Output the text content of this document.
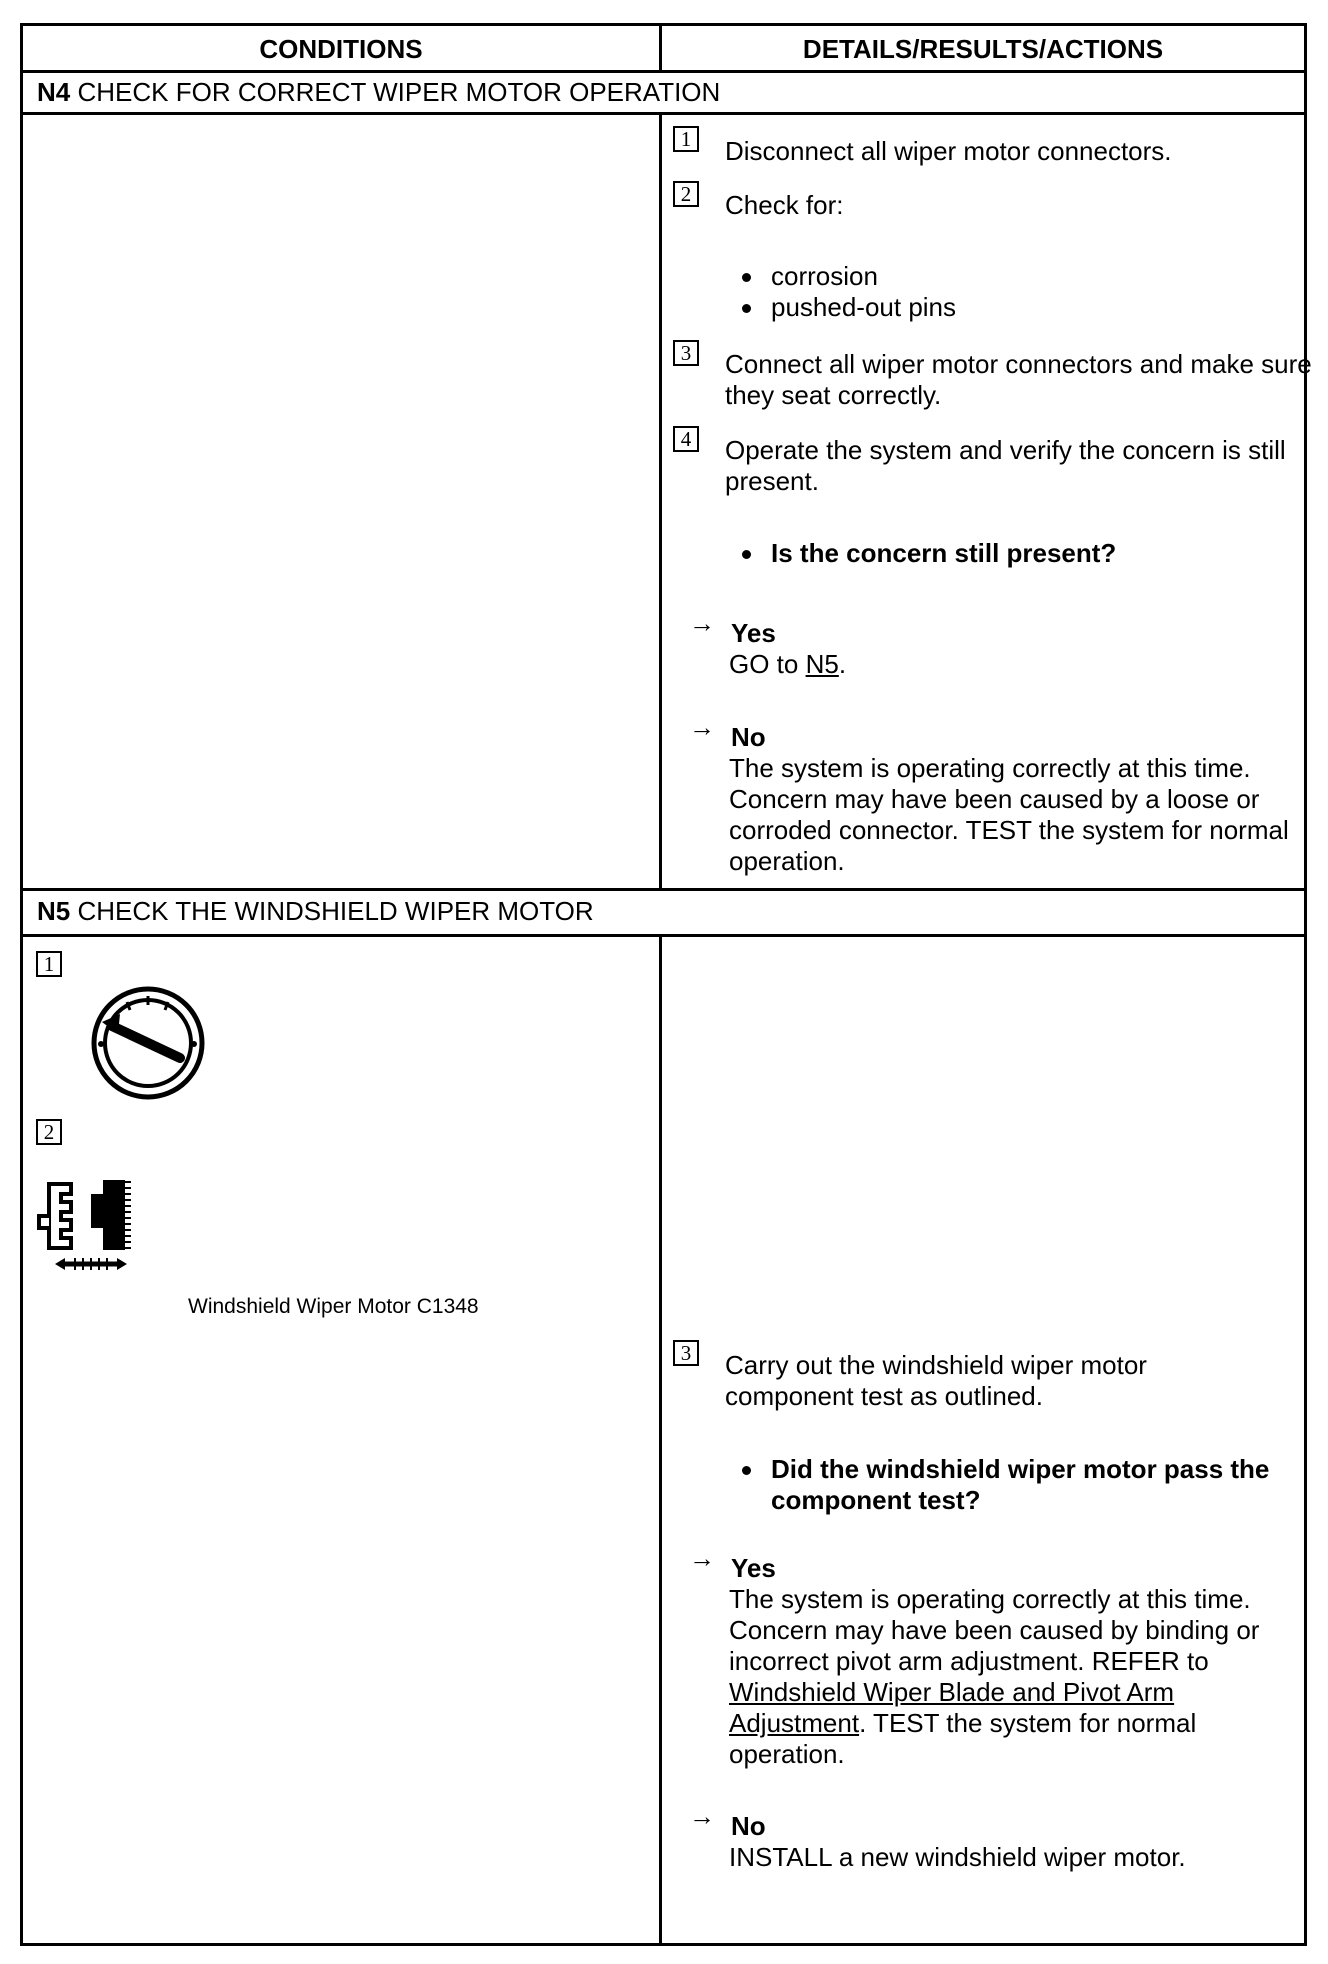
CONDITIONS	DETAILS/RESULTS/ACTIONS
N4 CHECK FOR CORRECT WIPER MOTOR OPERATION
1 Disconnect all wiper motor connectors.
2 Check for:
corrosion
pushed-out pins
3 Connect all wiper motor connectors and make sure they seat correctly.
4 Operate the system and verify the concern is still present.
Is the concern still present?
→ Yes
GO to N5.
→ No
The system is operating correctly at this time. Concern may have been caused by a loose or corroded connector. TEST the system for normal operation.
N5 CHECK THE WINDSHIELD WIPER MOTOR
1
2
Windshield Wiper Motor C1348
3 Carry out the windshield wiper motor component test as outlined.
Did the windshield wiper motor pass the component test?
→ Yes
The system is operating correctly at this time. Concern may have been caused by binding or incorrect pivot arm adjustment. REFER to Windshield Wiper Blade and Pivot Arm Adjustment. TEST the system for normal operation.
→ No
INSTALL a new windshield wiper motor.
